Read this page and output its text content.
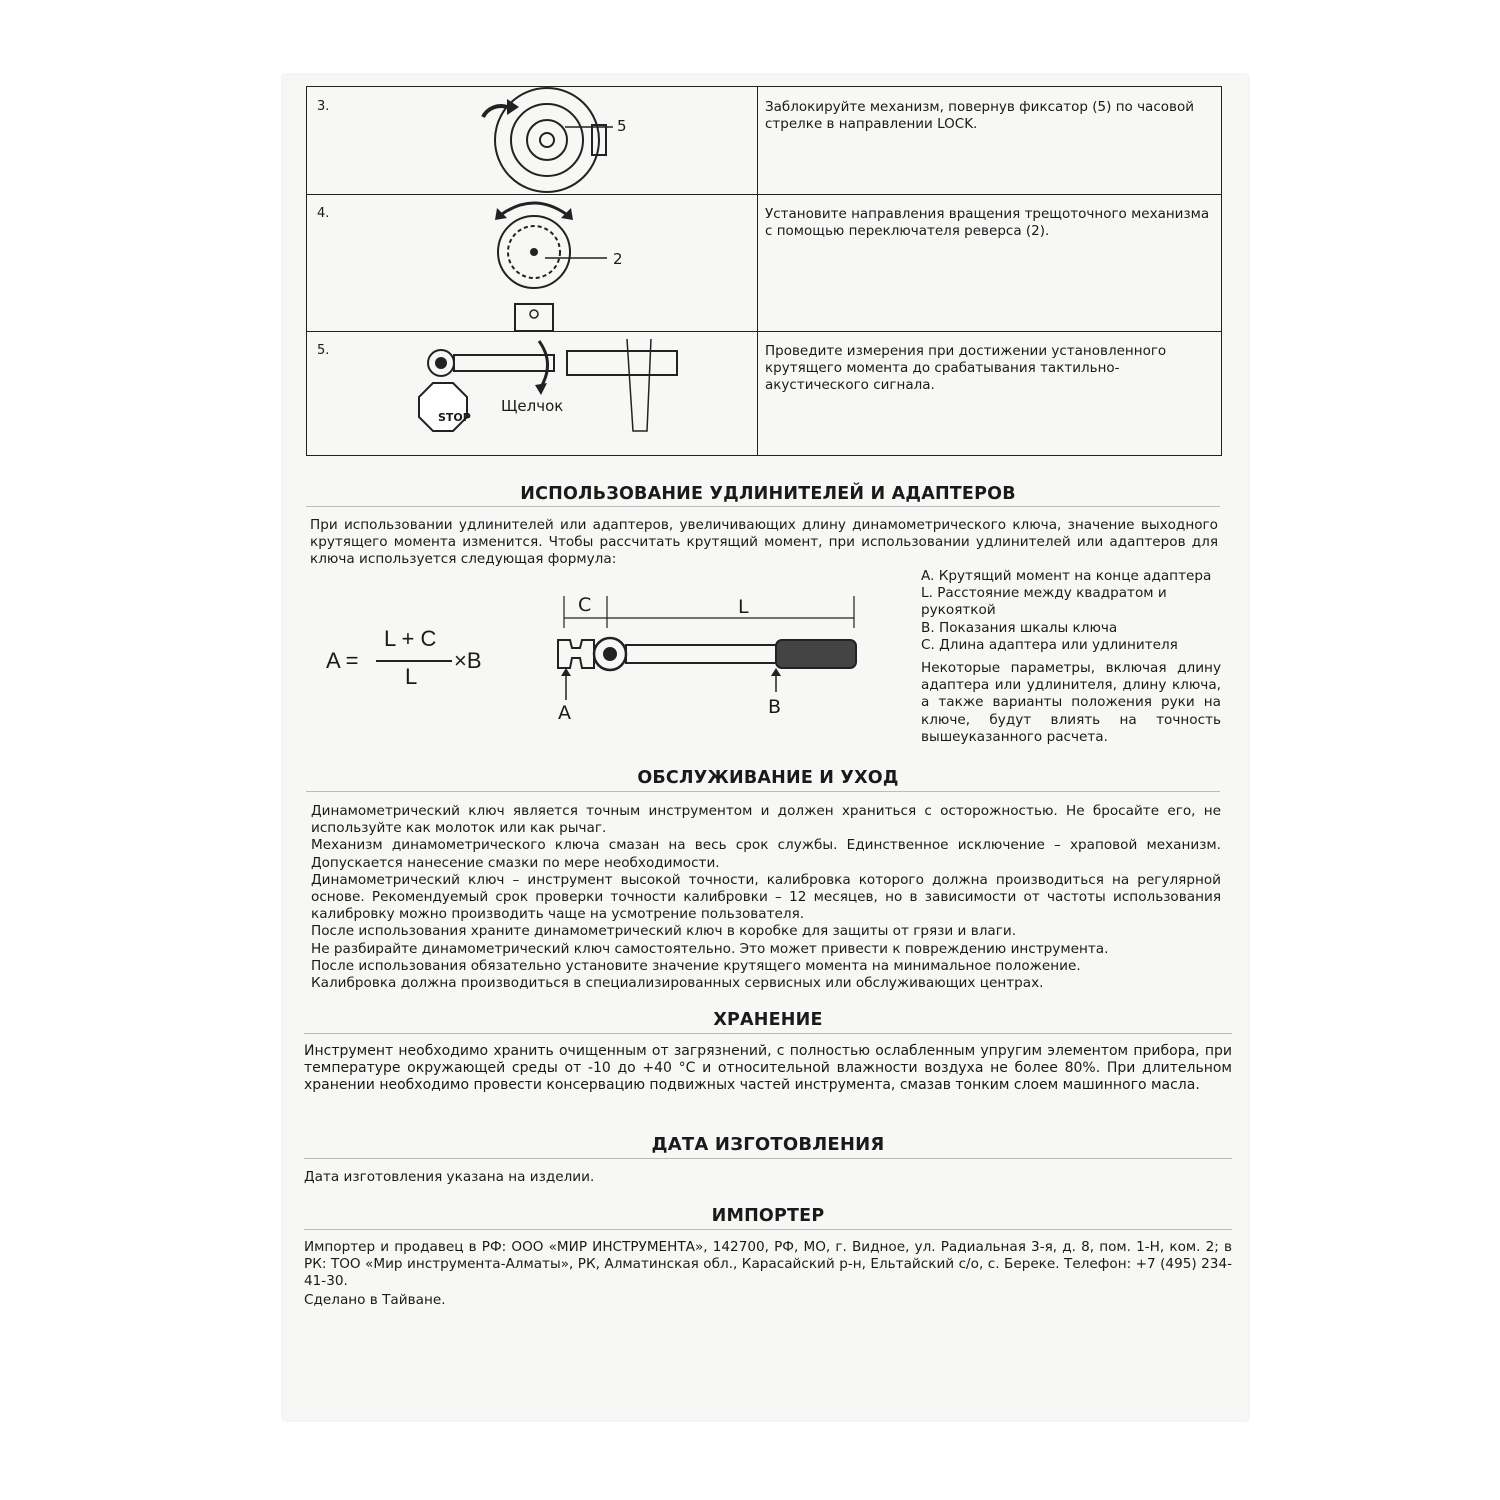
3.
5
Заблокируйте механизм, повернув фиксатор (5) по часовой стрелке в направлении LOCK.
4.
2
Установите направления вращения трещоточного механизма с помощью переключателя реверса (2).
5.
STOP
Щелчок
Проведите измерения при достижении установленного крутящего момента до срабатывания тактильно-акустического сигнала.
ИСПОЛЬЗОВАНИЕ УДЛИНИТЕЛЕЙ И АДАПТЕРОВ
При использовании удлинителей или адаптеров, увеличивающих длину динамометрического ключа, значение выходного крутящего момента изменится. Чтобы рассчитать крутящий момент, при использовании удлинителей или адаптеров для ключа используется следующая формула:
A =
L + C
L
×B
C	L
A	B

A. Крутящий момент на конце адаптера

L. Расстояние между квадратом и рукояткой

B. Показания шкалы ключа

C. Длина адаптера или удлинителя

Некоторые параметры, включая длину адаптера или удлинителя, длину ключа, а также варианты положения руки на ключе, будут влиять на точность вышеуказанного расчета.

ОБСЛУЖИВАНИЕ И УХОД

Динамометрический ключ является точным инструментом и должен храниться с осторожностью. Не бросайте его, не используйте как молоток или как рычаг.

Механизм динамометрического ключа смазан на весь срок службы. Единственное исключение – храповой механизм. Допускается нанесение смазки по мере необходимости.

Динамометрический ключ – инструмент высокой точности, калибровка которого должна производиться на регулярной основе. Рекомендуемый срок проверки точности калибровки – 12 месяцев, но в зависимости от частоты использования калибровку можно производить чаще на усмотрение пользователя.

После использования храните динамометрический ключ в коробке для защиты от грязи и влаги.

Не разбирайте динамометрический ключ самостоятельно. Это может привести к повреждению инструмента.

После использования обязательно установите значение крутящего момента на минимальное положение.

Калибровка должна производиться в специализированных сервисных или обслуживающих центрах.

ХРАНЕНИЕ
Инструмент необходимо хранить очищенным от загрязнений, с полностью ослабленным упругим элементом прибора, при температуре окружающей среды от -10 до +40 °С и относительной влажности воздуха не более 80%. При длительном хранении необходимо провести консервацию подвижных частей инструмента, смазав тонким слоем машинного масла.
ДАТА ИЗГОТОВЛЕНИЯ
Дата изготовления указана на изделии.
ИМПОРТЕР
Импортер и продавец в РФ: ООО «МИР ИНСТРУМЕНТА», 142700, РФ, МО, г. Видное, ул. Радиальная 3-я, д. 8, пом. 1-Н, ком. 2; в РК: ТОО «Мир инструмента-Алматы», РК, Алматинская обл., Карасайский р-н, Ельтайский с/о, с. Береке. Телефон: +7 (495) 234-41-30.
Сделано в Тайване.
